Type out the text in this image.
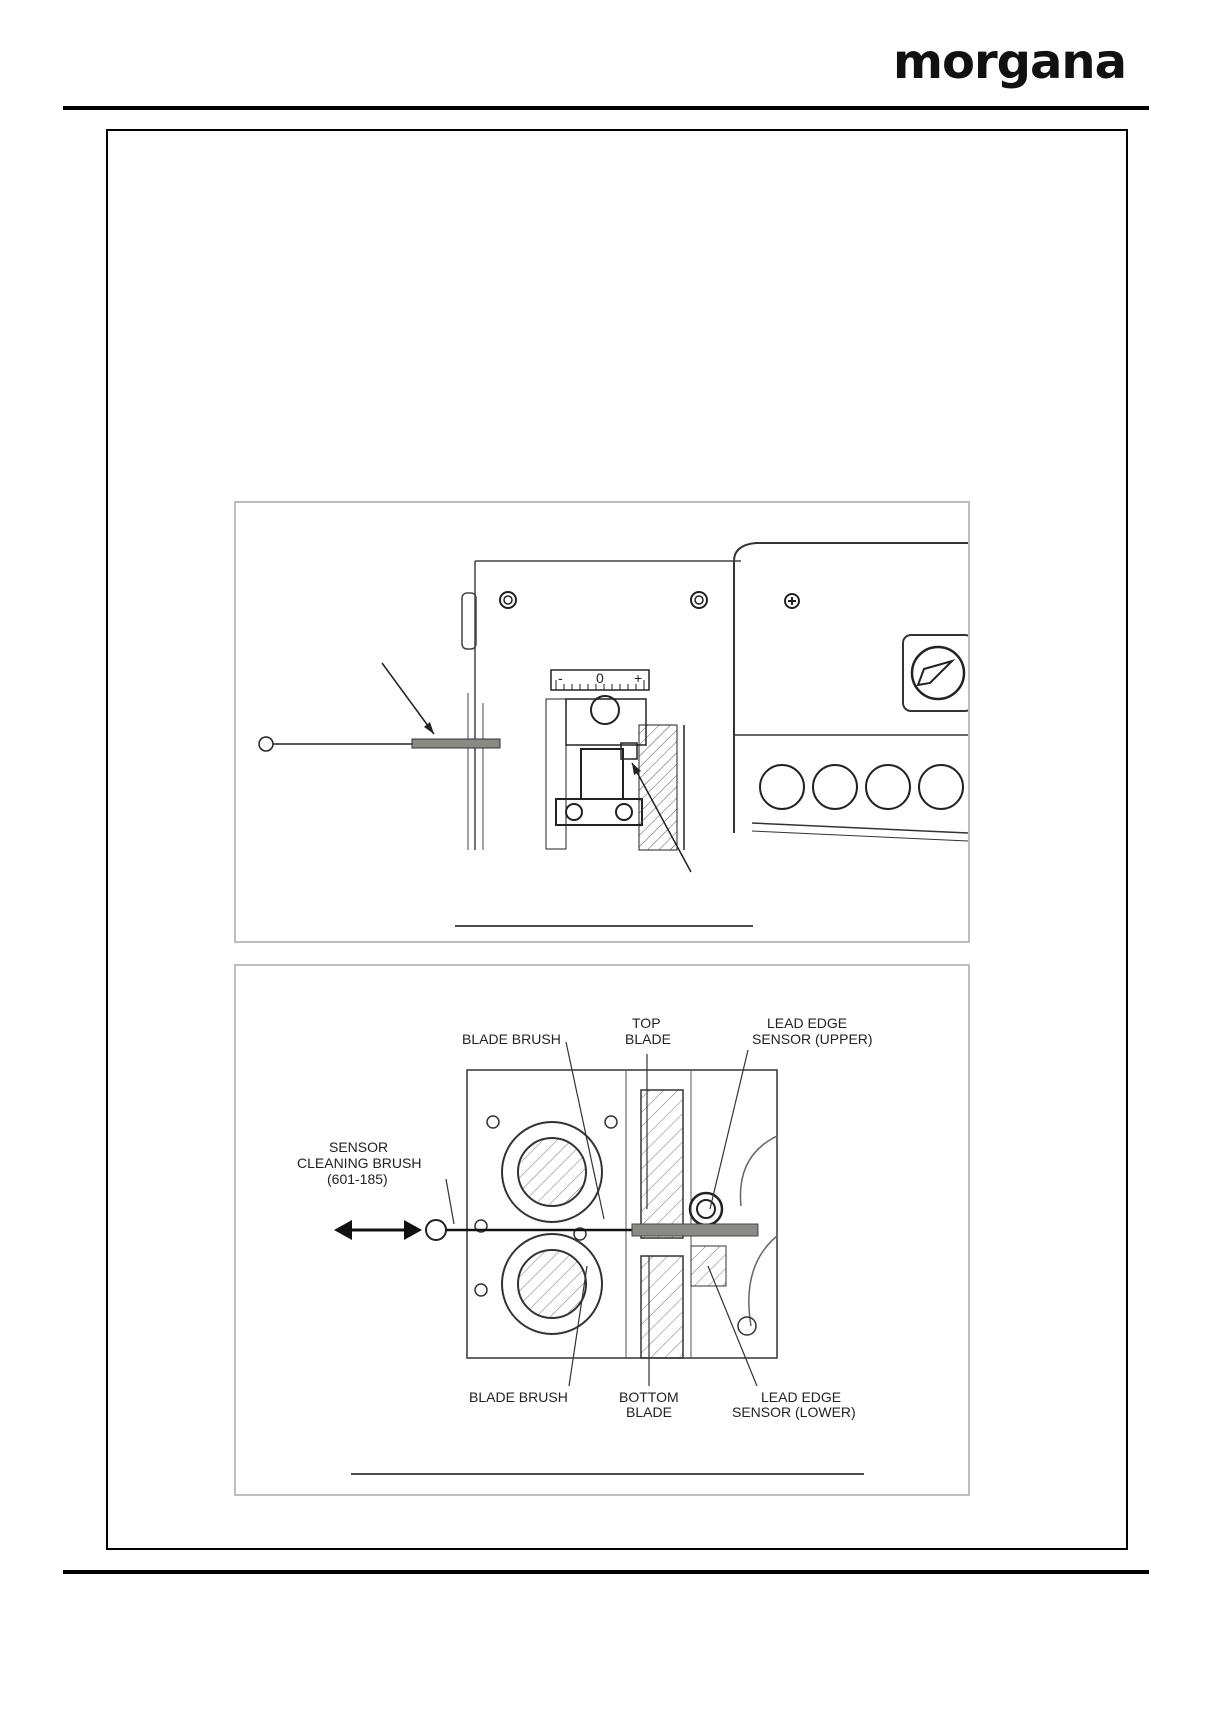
morgana
- 0 +
BLADE BRUSH
TOP
BLADE
LEAD EDGE
SENSOR (UPPER)
SENSOR
CLEANING BRUSH
(601-185)
BLADE BRUSH	BOTTOM
BLADE
LEAD EDGE
SENSOR (LOWER)
